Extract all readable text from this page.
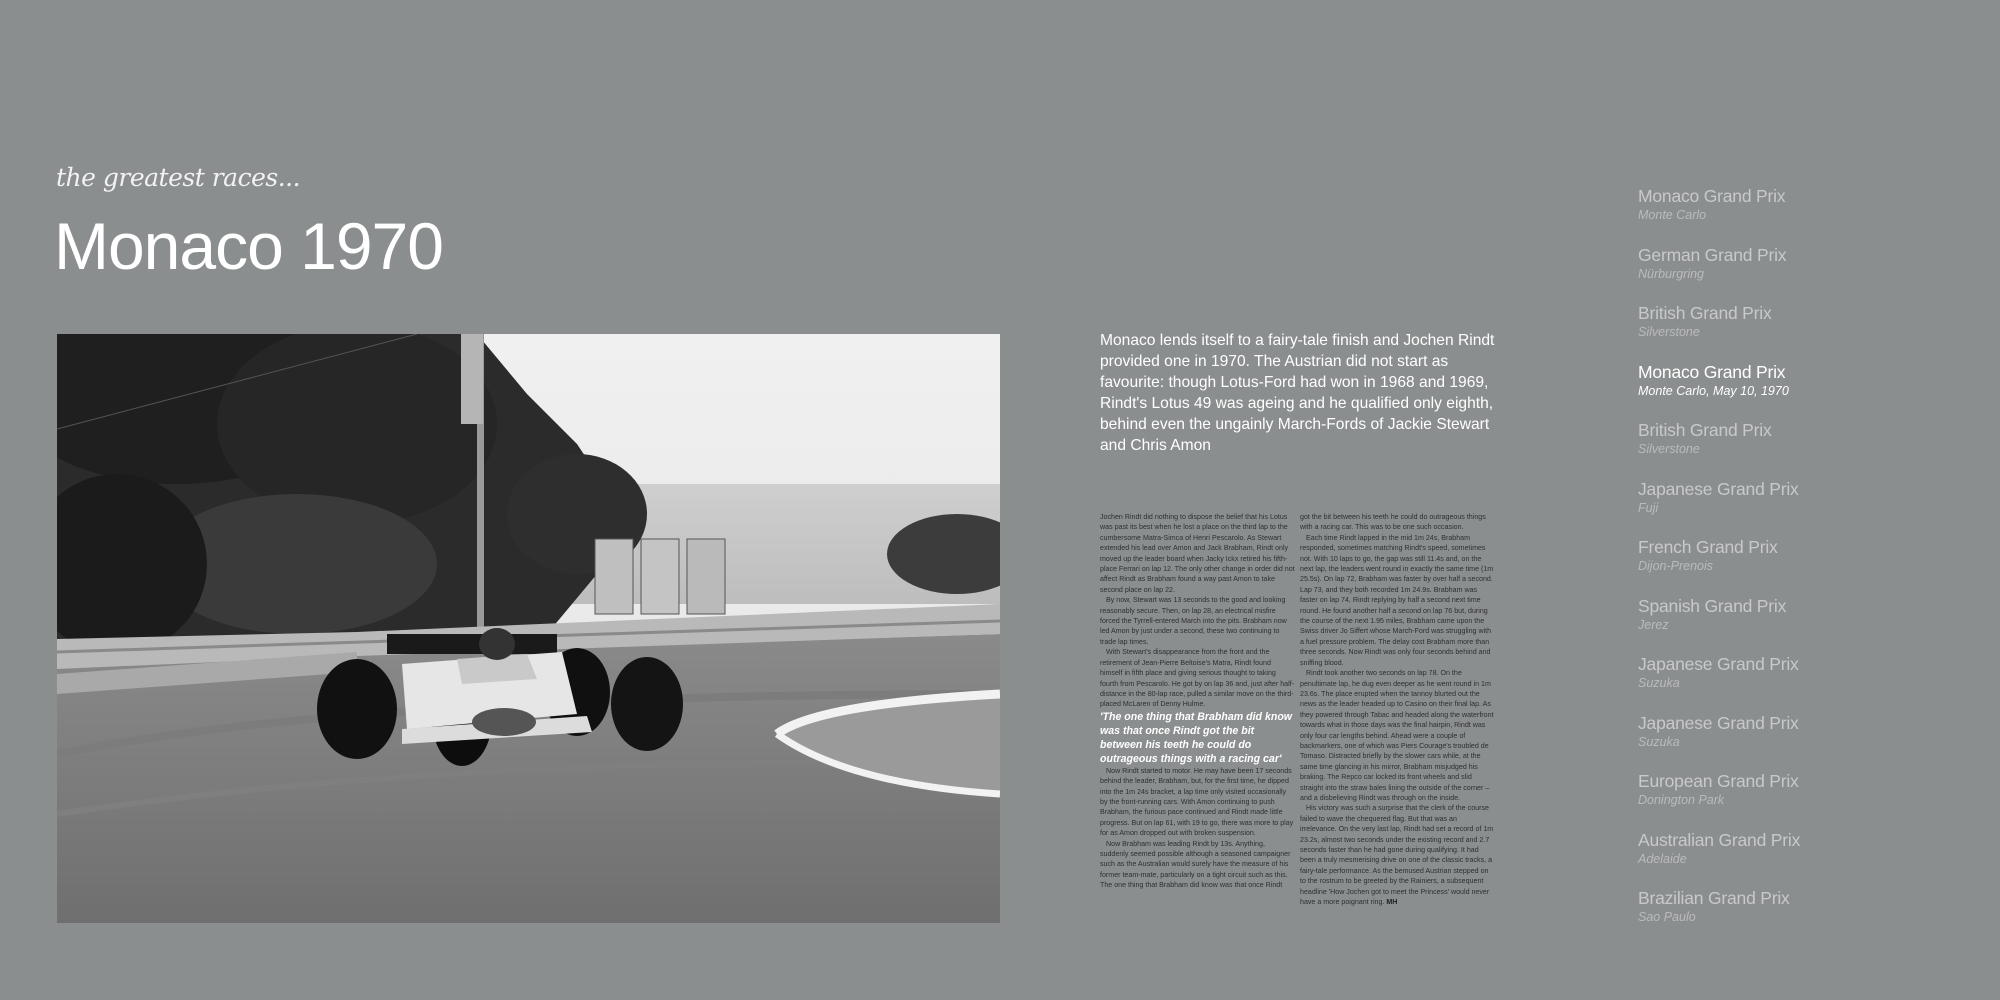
the greatest races...
Monaco 1970
Monaco lends itself to a fairy-tale finish and Jochen Rindt provided one in 1970. The Austrian did not start as favourite: though Lotus-Ford had won in 1968 and 1969, Rindt's Lotus 49 was ageing and he qualified only eighth, behind even the ungainly March-Fords of Jackie Stewart and Chris Amon

Jochen Rindt did nothing to dispose the belief that his Lotus was past its best when he lost a place on the third lap to the cumbersome Matra-Simca of Henri Pescarolo. As Stewart extended his lead over Amon and Jack Brabham, Rindt only moved up the leader board when Jacky Ickx retired his fifth-place Ferrari on lap 12. The only other change in order did not affect Rindt as Brabham found a way past Amon to take second place on lap 22.

By now, Stewart was 13 seconds to the good and looking reasonably secure. Then, on lap 28, an electrical misfire forced the Tyrrell-entered March into the pits. Brabham now led Amon by just under a second, these two continuing to trade lap times.

With Stewart's disappearance from the front and the retirement of Jean-Pierre Beltoise's Matra, Rindt found himself in fifth place and giving serious thought to taking fourth from Pescarolo. He got by on lap 36 and, just after half-distance in the 80-lap race, pulled a similar move on the third-placed McLaren of Denny Hulme.

'The one thing that Brabham did know was that once Rindt got the bit between his teeth he could do outrageous things with a racing car'

Now Rindt started to motor. He may have been 17 seconds behind the leader, Brabham, but, for the first time, he dipped into the 1m 24s bracket, a lap time only visited occasionally by the front-running cars. With Amon continuing to push Brabham, the furious pace continued and Rindt made little progress. But on lap 61, with 19 to go, there was more to play for as Amon dropped out with broken suspension.

Now Brabham was leading Rindt by 13s. Anything, suddenly seemed possible although a seasoned campaigner such as the Australian would surely have the measure of his former team-mate, particularly on a tight circuit such as this. The one thing that Brabham did know was that once Rindt

got the bit between his teeth he could do outrageous things with a racing car. This was to be one such occasion.

Each time Rindt lapped in the mid 1m 24s, Brabham responded, sometimes matching Rindt's speed, sometimes not. With 10 laps to go, the gap was still 11.4s and, on the next lap, the leaders went round in exactly the same time (1m 25.5s). On lap 72, Brabham was faster by over half a second. Lap 73, and they both recorded 1m 24.9s. Brabham was faster on lap 74, Rindt replying by half a second next time round. He found another half a second on lap 76 but, during the course of the next 1.95 miles, Brabham came upon the Swiss driver Jo Siffert whose March-Ford was struggling with a fuel pressure problem. The delay cost Brabham more than three seconds. Now Rindt was only four seconds behind and sniffing blood.

Rindt took another two seconds on lap 78. On the penultimate lap, he dug even deeper as he went round in 1m 23.6s. The place erupted when the tannoy blurted out the news as the leader headed up to Casino on their final lap. As they powered through Tabac and headed along the waterfront towards what in those days was the final hairpin, Rindt was only four car lengths behind. Ahead were a couple of backmarkers, one of which was Piers Courage's troubled de Tomaso. Distracted briefly by the slower cars while, at the same time glancing in his mirror, Brabham misjudged his braking. The Repco car locked its front wheels and slid straight into the straw bales lining the outside of the corner – and a disbelieving Rindt was through on the inside.

His victory was such a surprise that the clerk of the course failed to wave the chequered flag. But that was an irrelevance. On the very last lap, Rindt had set a record of 1m 23.2s, almost two seconds under the existing record and 2.7 seconds faster than he had gone during qualifying. It had been a truly mesmerising drive on one of the classic tracks, a fairy-tale performance. As the bemused Austrian stepped on to the rostrum to be greeted by the Rainiers, a subsequent headline 'How Jochen got to meet the Princess' would never have a more poignant ring. MH

Monaco Grand Prix
Monte Carlo
German Grand Prix
Nürburgring
British Grand Prix
Silverstone
Monaco Grand Prix
Monte Carlo, May 10, 1970
British Grand Prix
Silverstone
Japanese Grand Prix
Fuji
French Grand Prix
Dijon-Prenois
Spanish Grand Prix
Jerez
Japanese Grand Prix
Suzuka
Japanese Grand Prix
Suzuka
European Grand Prix
Donington Park
Australian Grand Prix
Adelaide
Brazilian Grand Prix
Sao Paulo
